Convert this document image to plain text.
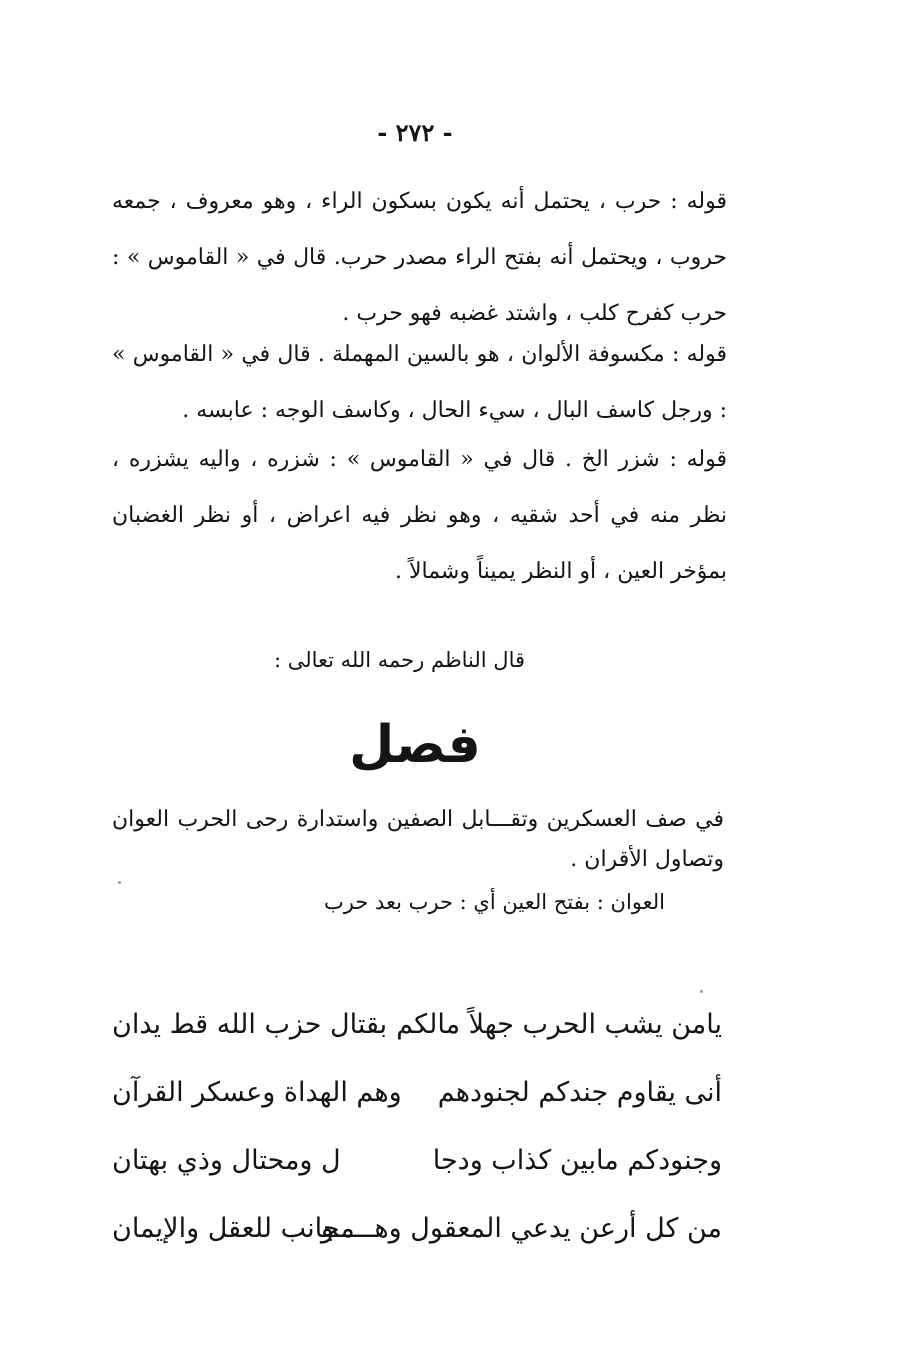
- ٢٧٢ -

قوله : حرب ، يحتمل أنه يكون بسكون الراء ، وهو معروف ، جمعه حروب ، ويحتمل أنه بفتح الراء مصدر حرب. قال في « القاموس » : حرب كفرح كلب ، واشتد غضبه فهو حرب .

قوله : مكسوفة الألوان ، هو بالسين المهملة . قال في « القاموس » : ورجل كاسف البال ، سيء الحال ، وكاسف الوجه : عابسه .

قوله : شزر الخ . قال في « القاموس » : شزره ، واليه يشزره ، نظر منه في أحد شقيه ، وهو نظر فيه اعراض ، أو نظر الغضبان بمؤخر العين ، أو النظر يميناً وشمالاً .

قال الناظم رحمه الله تعالى :
فصل

في صف العسكرين وتقـــابل الصفين واستدارة رحى الحرب العوان وتصاول الأقران .

العوان : بفتح العين أي : حرب بعد حرب
يامن يشب الحرب جهلاً مالكم
بقتال حزب الله قط يدان
أنى يقاوم جندكم لجنودهم
وهم الهداة وعسكر القرآن
وجنودكم مابين كذاب ودجا
ل ومحتال وذي بهتان
من كل أرعن يدعي المعقول وهـــــو
مجانب للعقل والإيمان
